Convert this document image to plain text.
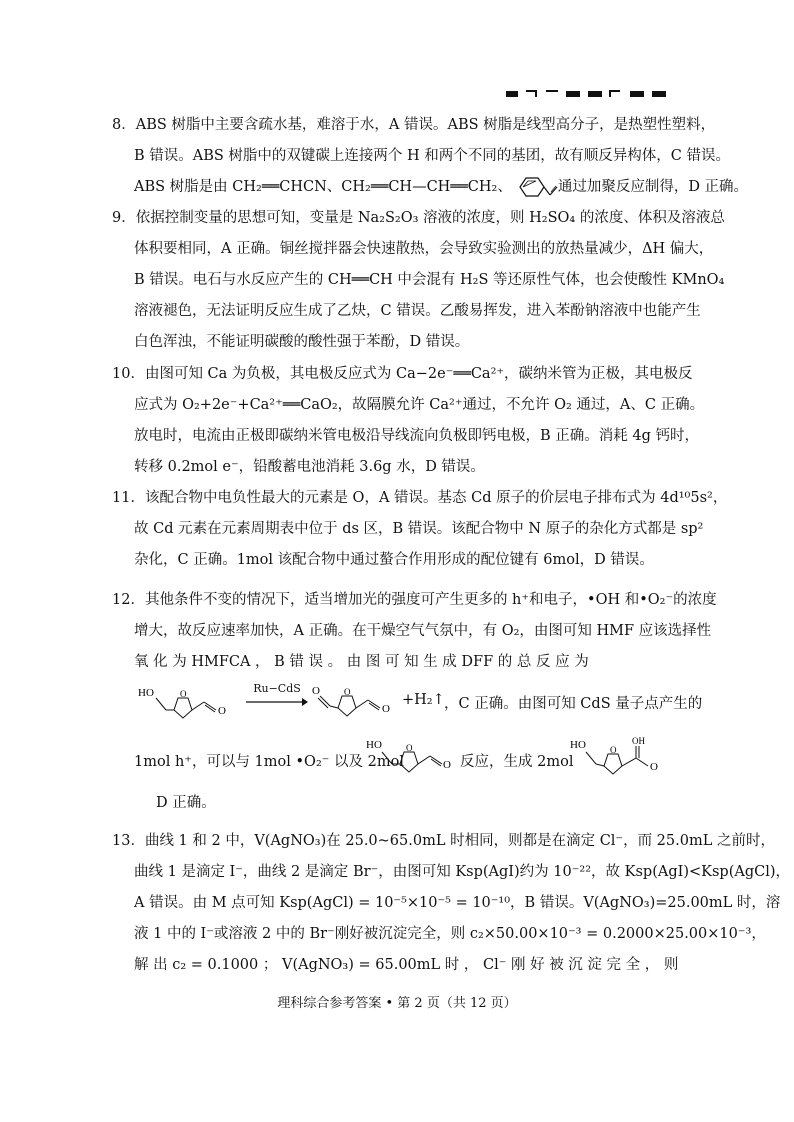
8．ABS 树脂中主要含疏水基，难溶于水，A 错误。ABS 树脂是线型高分子，是热塑性塑料，
B 错误。ABS 树脂中的双键碳上连接两个 H 和两个不同的基团，故有顺反异构体，C 错误。
ABS 树脂是由 CH₂══CHCN、CH₂══CH—CH══CH₂、	通过加聚反应制得，D 正确。
9．依据控制变量的思想可知，变量是 Na₂S₂O₃ 溶液的浓度，则 H₂SO₄ 的浓度、体积及溶液总
体积要相同，A 正确。铜丝搅拌器会快速散热，会导致实验测出的放热量减少，ΔH 偏大，
B 错误。电石与水反应产生的 CH══CH 中会混有 H₂S 等还原性气体，也会使酸性 KMnO₄
溶液褪色，无法证明反应生成了乙炔，C 错误。乙酸易挥发，进入苯酚钠溶液中也能产生
白色浑浊，不能证明碳酸的酸性强于苯酚，D 错误。
10．由图可知 Ca 为负极，其电极反应式为 Ca−2e⁻══Ca²⁺，碳纳米管为正极，其电极反
应式为 O₂+2e⁻+Ca²⁺══CaO₂，故隔膜允许 Ca²⁺通过，不允许 O₂ 通过，A、C 正确。
放电时，电流由正极即碳纳米管电极沿导线流向负极即钙电极，B 正确。消耗 4g 钙时，
转移 0.2mol e⁻，铅酸蓄电池消耗 3.6g 水，D 错误。
11．该配合物中电负性最大的元素是 O，A 错误。基态 Cd 原子的价层电子排布式为 4d¹⁰5s²，
故 Cd 元素在元素周期表中位于 ds 区，B 错误。该配合物中 N 原子的杂化方式都是 sp²
杂化，C 正确。1mol 该配合物中通过螯合作用形成的配位键有 6mol，D 错误。
12．其他条件不变的情况下，适当增加光的强度可产生更多的 h⁺和电子，•OH 和•O₂⁻的浓度
增大，故反应速率加快，A 正确。在干燥空气气氛中，有 O₂，由图可知 HMF 应该选择性
氧 化 为 HMFCA ， B 错 误 。 由 图 可 知 生 成 DFF 的 总 反 应 为
HO	O
O
Ru−CdS	O	O
O
+H₂↑ ，C 正确。由图可知 CdS 量子点产生的
1mol h⁺，可以与 1mol •O₂⁻ 以及 2mol
HO	O
O 反应，生成 2mol
HO	O
OH
O
D 正确。
13．曲线 1 和 2 中，V(AgNO₃)在 25.0~65.0mL 时相同，则都是在滴定 Cl⁻，而 25.0mL 之前时，
曲线 1 是滴定 I⁻，曲线 2 是滴定 Br⁻，由图可知 Ksp(AgI)约为 10⁻²²，故 Ksp(AgI)<Ksp(AgCl)，
A 错误。由 M 点可知 Ksp(AgCl) = 10⁻⁵×10⁻⁵ = 10⁻¹⁰，B 错误。V(AgNO₃)=25.00mL 时，溶
液 1 中的 I⁻或溶液 2 中的 Br⁻刚好被沉淀完全，则 c₂×50.00×10⁻³ = 0.2000×25.00×10⁻³，
解 出 c₂ = 0.1000 ； V(AgNO₃) = 65.00mL 时 ， Cl⁻ 刚 好 被 沉 淀 完 全 ， 则
理科综合参考答案 • 第 2 页（共 12 页）
